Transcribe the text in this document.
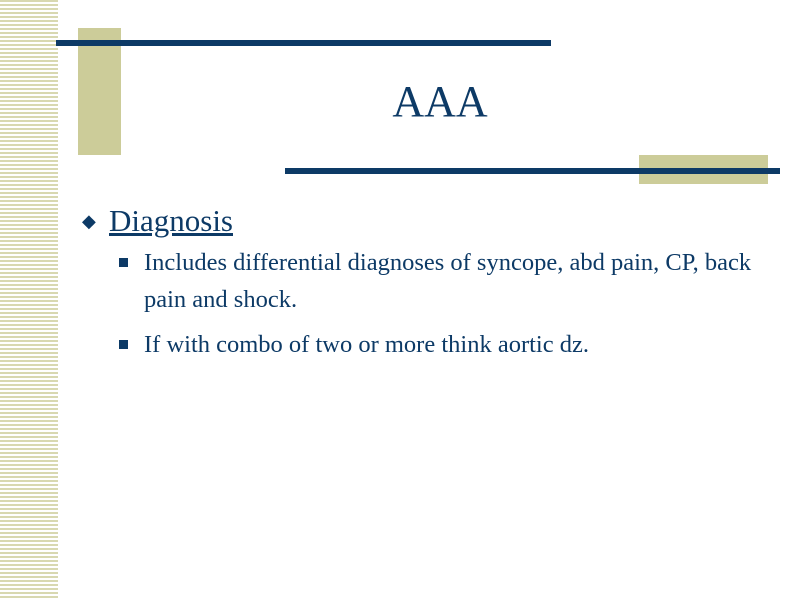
AAA
◆ Diagnosis
Includes differential diagnoses of syncope, abd pain, CP, back pain and shock.
If with combo of two or more think aortic dz.
